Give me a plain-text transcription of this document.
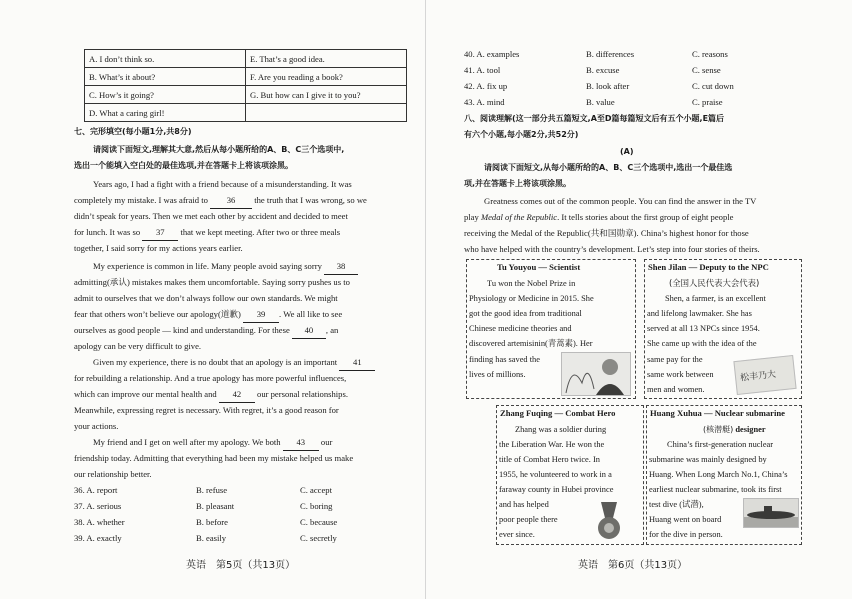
A. I don’t think so.	E. That’s a good idea.
B. What’s it about?	F. Are you reading a book?
C. How’s it going?	G. But how can I give it to you?
D. What a caring girl!	
七、完形填空(每小题1分,共8分)
请阅读下面短文,理解其大意,然后从每小题所给的A、B、C三个选项中,
选出一个能填入空白处的最佳选项,并在答题卡上将该项涂黑。
Years ago, I had a fight with a friend because of a misunderstanding. It was
completely my mistake. I was afraid to 36 the truth that I was wrong, so we
didn’t speak for years. Then we met each other by accident and decided to meet
for lunch. It was so 37 that we kept meeting. After two or three meals
together, I said sorry for my actions years earlier.
My experience is common in life. Many people avoid saying sorry 38
admitting(承认) mistakes makes them uncomfortable. Saying sorry pushes us to
admit to ourselves that we don’t always follow our own standards. We might
fear that others won’t believe our apology(道歉) 39 . We all like to see
ourselves as good people — kind and understanding. For these 40 , an
apology can be very difficult to give.
Given my experience, there is no doubt that an apology is an important 41
for rebuilding a relationship. And a true apology has more powerful influences,
which can improve our mental health and 42 our personal relationships.
Meanwhile, expressing regret is necessary. With regret, it’s a good reason for
your actions.
My friend and I get on well after my apology. We both 43 our
friendship today. Admitting that everything had been my mistake helped us make
our relationship better.
36. A. report	B. refuse	C. accept
37. A. serious	B. pleasant	C. boring
38. A. whether	B. before	C. because
39. A. exactly	B. easily	C. secretly
英语　第5页（共13页）
40. A. examples	B. differences	C. reasons
41. A. tool	B. excuse	C. sense
42. A. fix up	B. look after	C. cut down
43. A. mind	B. value	C. praise
八、阅读理解(这一部分共五篇短文,A至D篇每篇短文后有五个小题,E篇后
有六个小题,每小题2分,共52分)
(A)
请阅读下面短文,从每小题所给的A、B、C三个选项中,选出一个最佳选
项,并在答题卡上将该项涂黑。
Greatness comes out of the common people. You can find the answer in the TV
play Medal of the Republic. It tells stories about the first group of eight people
receiving the Medal of the Republic(共和国勋章). China’s highest honor for those
who have helped with the country’s development. Let’s step into four stories of theirs.
Tu Youyou — Scientist
Tu won the Nobel Prize in
Physiology or Medicine in 2015. She
got the good idea from traditional
Chinese medicine theories and
discovered artemisinin(青蒿素). Her
finding has saved the
lives of millions.
Shen Jilan — Deputy to the NPC
(全国人民代表大会代表)
Shen, a farmer, is an excellent
and lifelong lawmaker. She has
served at all 13 NPCs since 1954.
She came up with the idea of the
same pay for the
same work between
men and women.
松丰乃大
Zhang Fuqing — Combat Hero
Zhang was a soldier during
the Liberation War. He won the
title of Combat Hero twice. In
1955, he volunteered to work in a
faraway county in Hubei province
and has helped
poor people there
ever since.
Huang Xuhua — Nuclear submarine
(核潜艇) designer
China’s first-generation nuclear
submarine was mainly designed by
Huang. When Long March No.1, China’s
earliest nuclear submarine, took its first
test dive (试潜),
Huang went on board
for the dive in person.
英语　第6页（共13页）
